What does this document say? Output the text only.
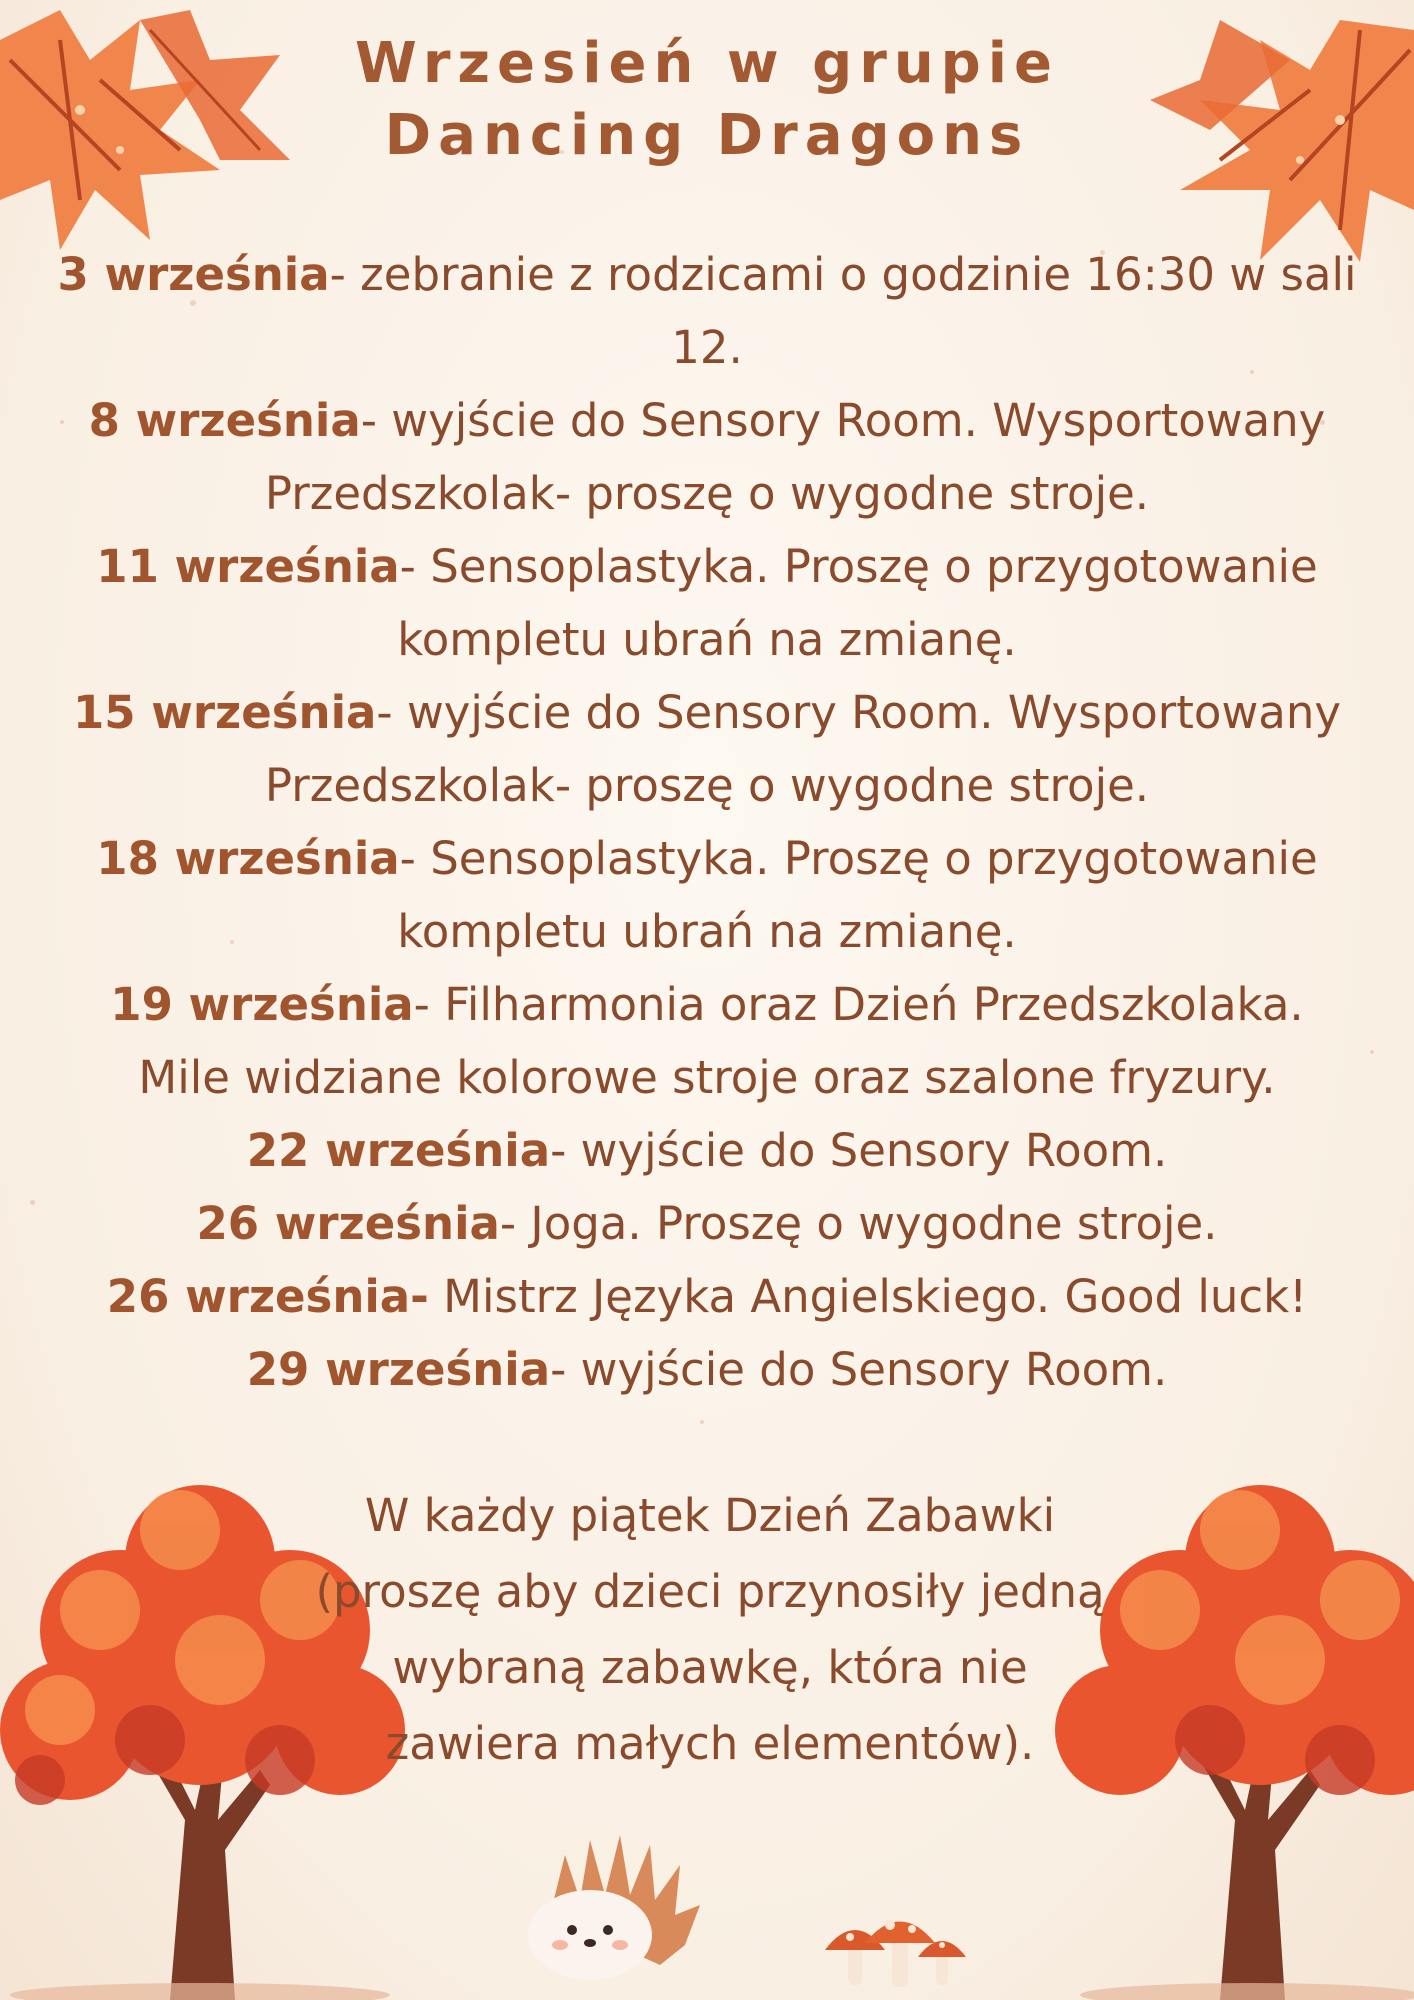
Wrzesień w grupie
Dancing Dragons

3 września- zebranie z rodzicami o godzinie 16:30 w sali
12.

8 września- wyjście do Sensory Room. Wysportowany
Przedszkolak- proszę o wygodne stroje.

11 września- Sensoplastyka. Proszę o przygotowanie
kompletu ubrań na zmianę.

15 września- wyjście do Sensory Room. Wysportowany
Przedszkolak- proszę o wygodne stroje.

18 września- Sensoplastyka. Proszę o przygotowanie
kompletu ubrań na zmianę.

19 września- Filharmonia oraz Dzień Przedszkolaka.
Mile widziane kolorowe stroje oraz szalone fryzury.

22 września- wyjście do Sensory Room.

26 września- Joga. Proszę o wygodne stroje.

26 września- Mistrz Języka Angielskiego. Good luck!

29 września- wyjście do Sensory Room.

W każdy piątek Dzień Zabawki
(proszę aby dzieci przynosiły jedną
wybraną zabawkę, która nie
zawiera małych elementów).
